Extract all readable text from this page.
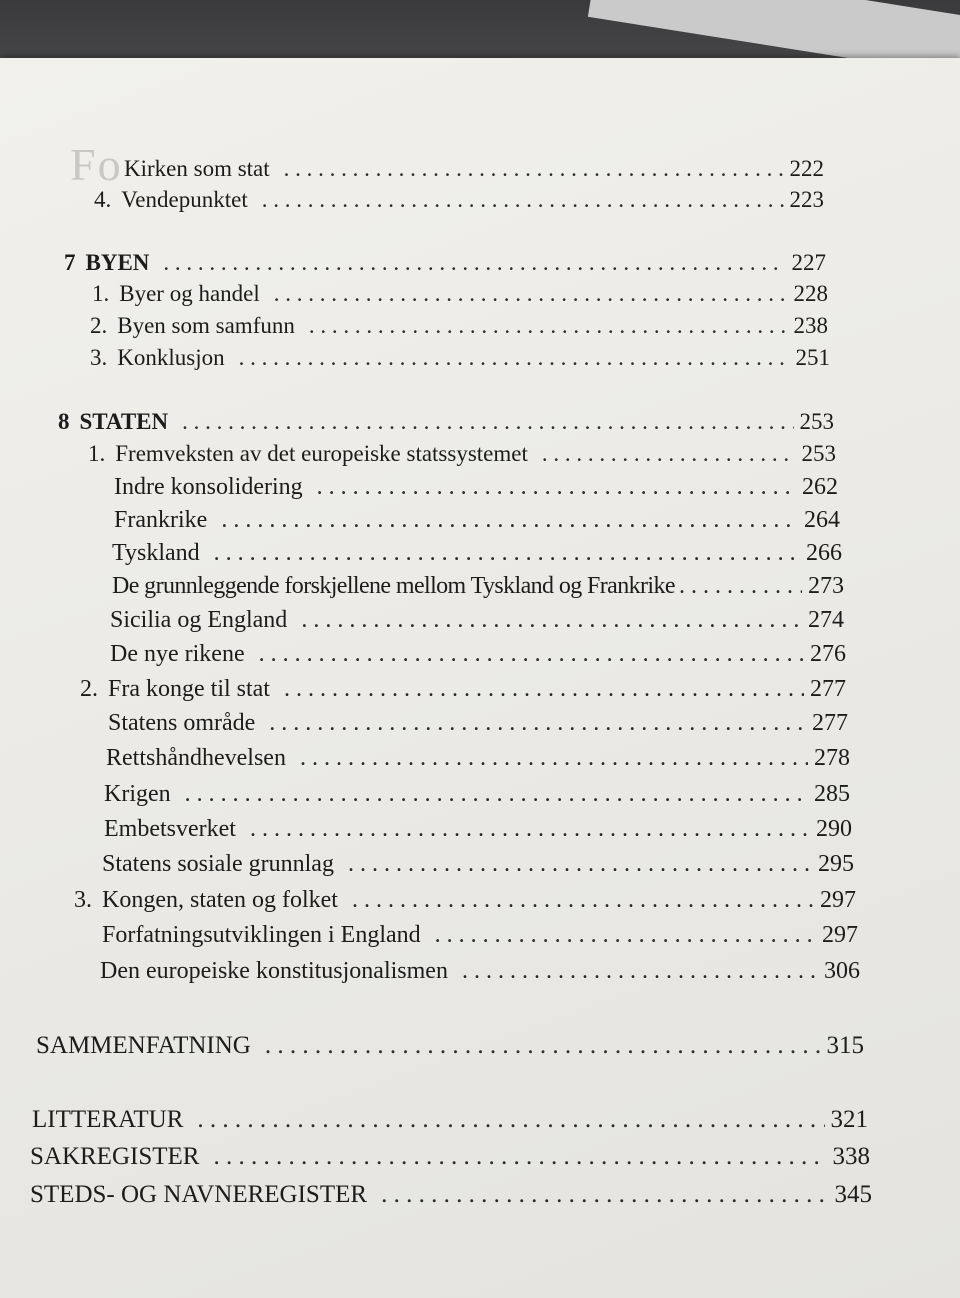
Fo Kirken som stat . . .	222
4. Vendepunktet . . .	223
7 BYEN . . .	227
1. Byer og handel . . .	228
2. Byen som samfunn . . .	238
3. Konklusjon . . .	251
8 STATEN . . .	253
1. Fremveksten av det europeiske statssystemet . . .	253
Indre konsolidering . . .	262
Frankrike . . .	264
Tyskland . . .	266
De grunnleggende forskjellene mellom Tyskland og Frankrike . . .	273
Sicilia og England . . .	274
De nye rikene . . .	276
2. Fra konge til stat . . .	277
Statens område . . .	277
Rettshåndhevelsen . . .	278
Krigen . . .	285
Embetsverket . . .	290
Statens sosiale grunnlag . . .	295
3. Kongen, staten og folket . . .	297
Forfatningsutviklingen i England . . .	297
Den europeiske konstitusjonalismen . . .	306
SAMMENFATNING . . .	315
LITTERATUR . . .	321
SAKREGISTER . . .	338
STEDS- OG NAVNEREGISTER . . .	345
